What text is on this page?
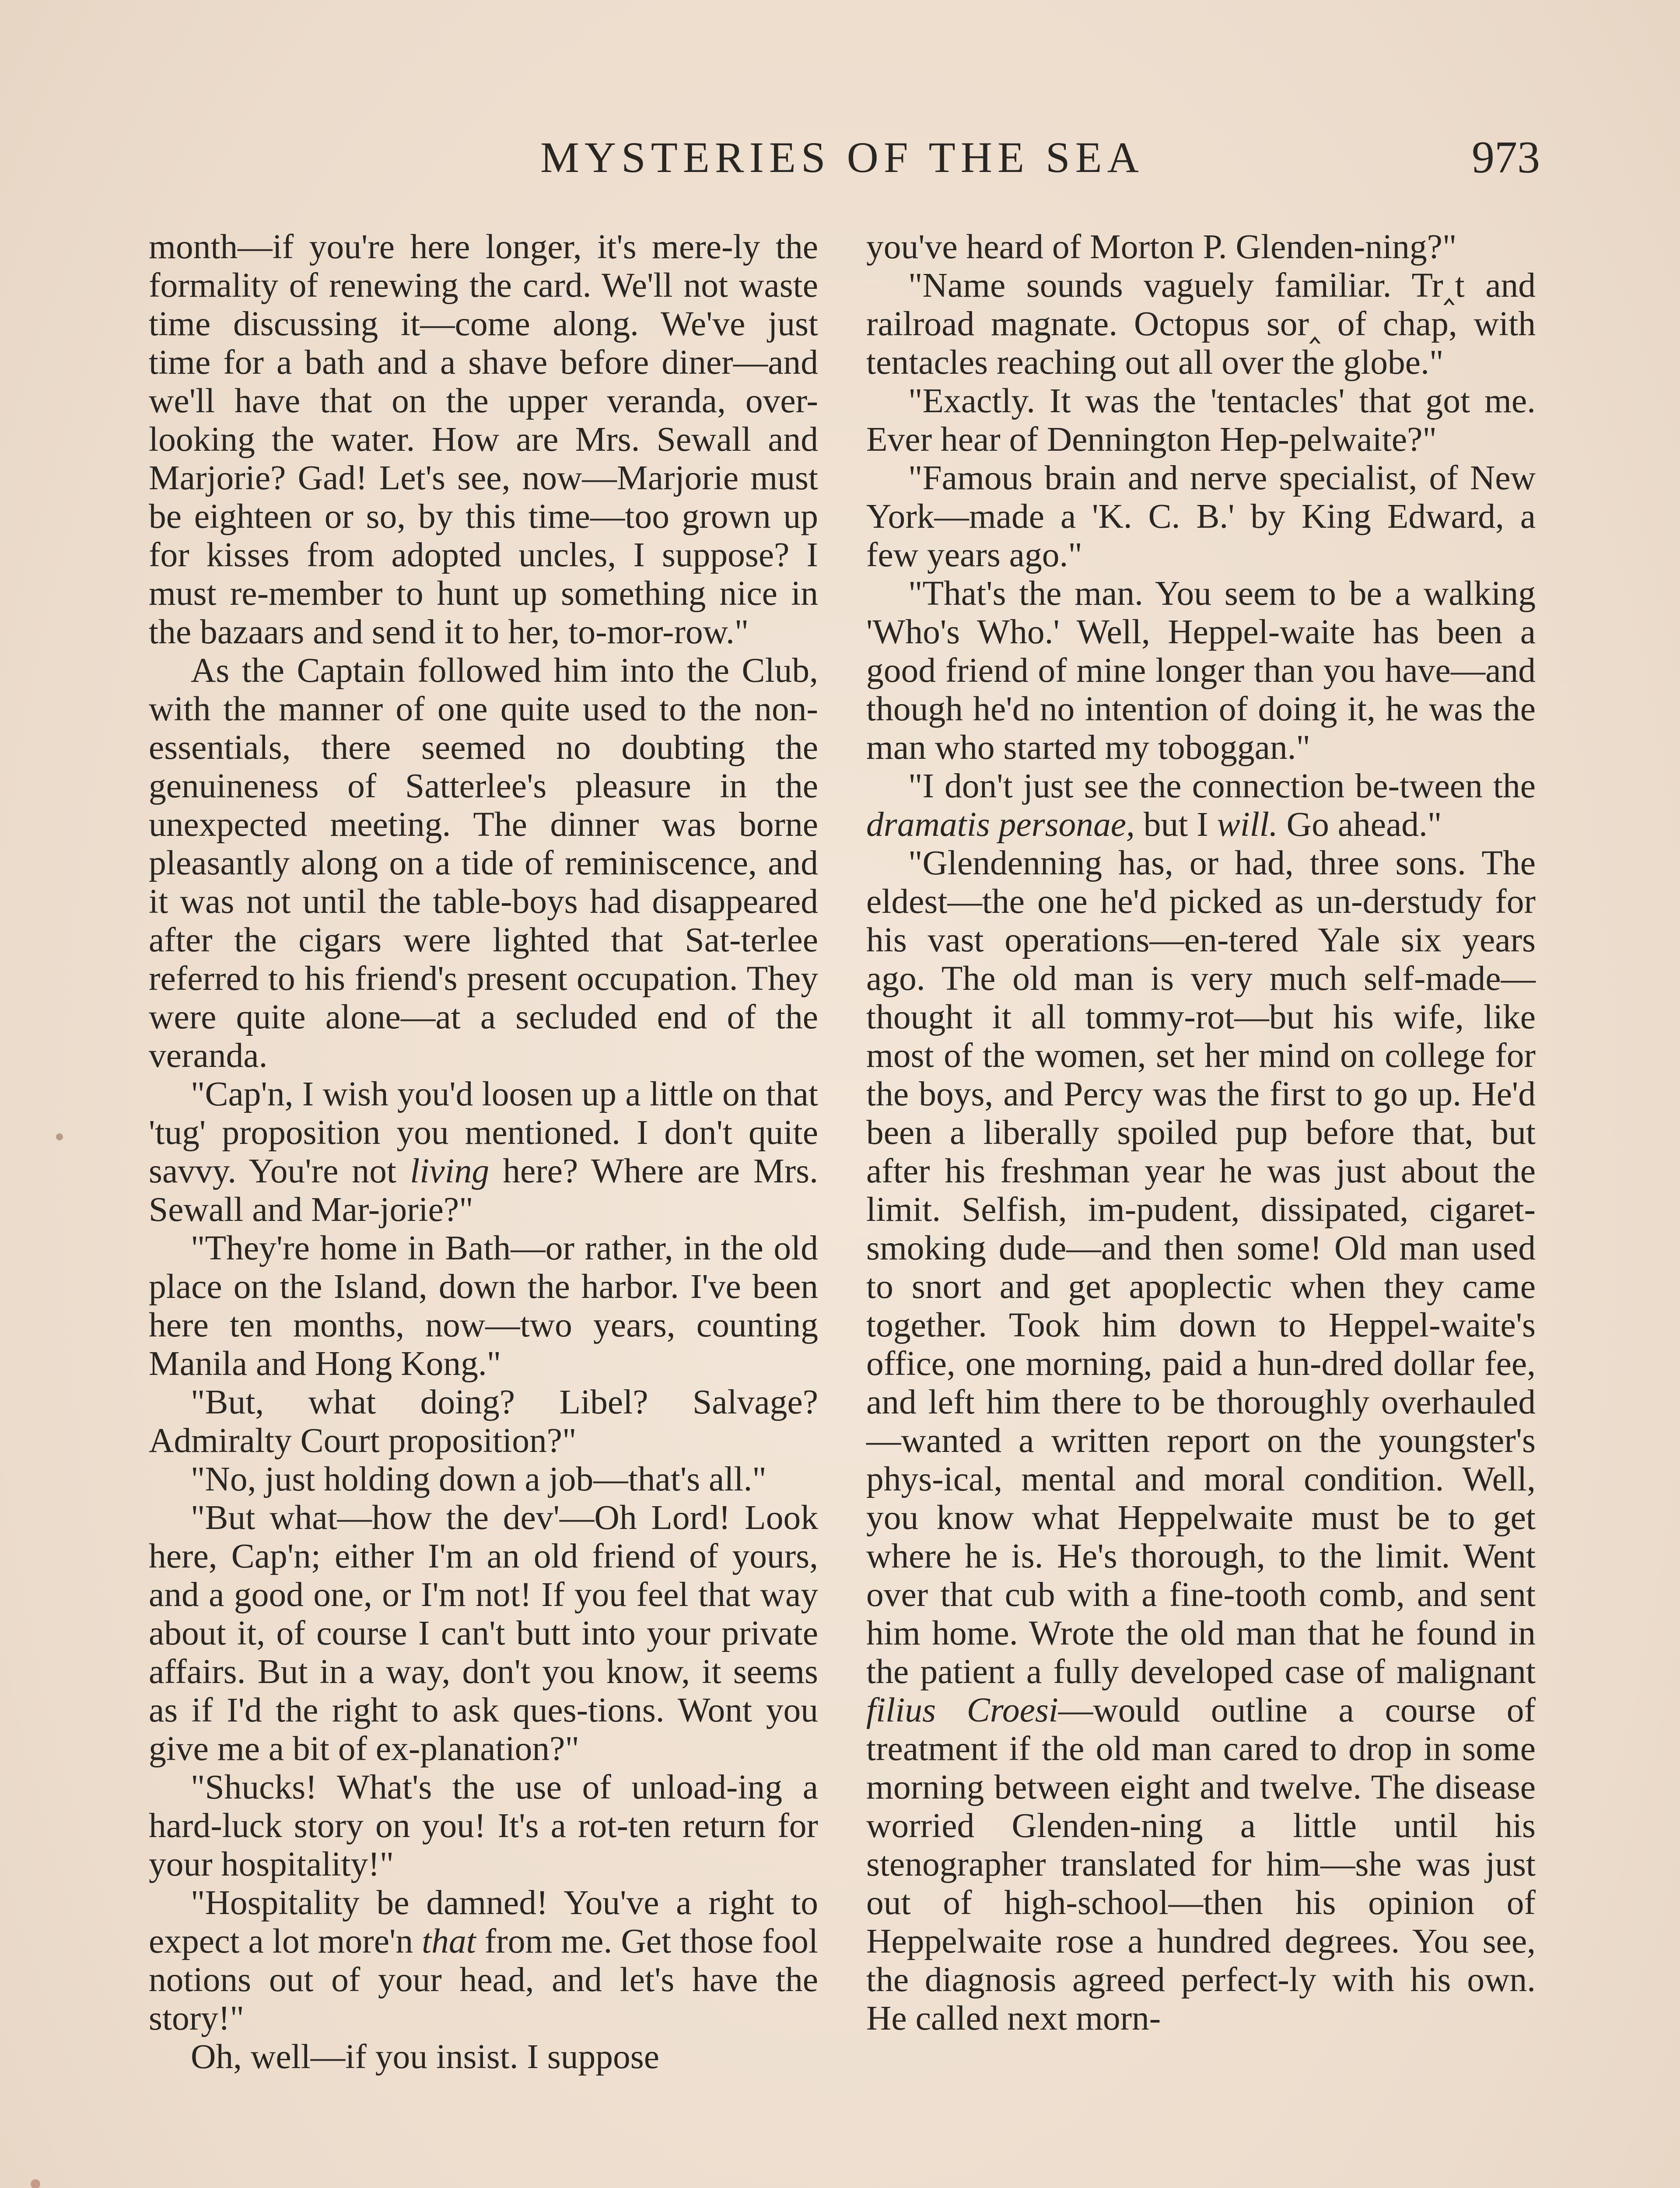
MYSTERIES OF THE SEA	973

month—if you're here longer, it's mere-ly the formality of renewing the card. We'll not waste time discussing it—come along. We've just time for a bath and a shave before diner—and we'll have that on the upper veranda, over-looking the water. How are Mrs. Sewall and Marjorie? Gad! Let's see, now—Marjorie must be eighteen or so, by this time—too grown up for kisses from adopted uncles, I suppose? I must re-member to hunt up something nice in the bazaars and send it to her, to-mor-row."

As the Captain followed him into the Club, with the manner of one quite used to the non-essentials, there seemed no doubting the genuineness of Satterlee's pleasure in the unexpected meeting. The dinner was borne pleasantly along on a tide of reminiscence, and it was not until the table-boys had disappeared after the cigars were lighted that Sat-terlee referred to his friend's present occupation. They were quite alone—at a secluded end of the veranda.

"Cap'n, I wish you'd loosen up a little on that 'tug' proposition you mentioned. I don't quite savvy. You're not living here? Where are Mrs. Sewall and Mar-jorie?"

"They're home in Bath—or rather, in the old place on the Island, down the harbor. I've been here ten months, now—two years, counting Manila and Hong Kong."

"But, what doing? Libel? Salvage? Admiralty Court proposition?"

"No, just holding down a job—that's all."

"But what—how the dev'—Oh Lord! Look here, Cap'n; either I'm an old friend of yours, and a good one, or I'm not! If you feel that way about it, of course I can't butt into your private affairs. But in a way, don't you know, it seems as if I'd the right to ask ques-tions. Wont you give me a bit of ex-planation?"

"Shucks! What's the use of unload-ing a hard-luck story on you! It's a rot-ten return for your hospitality!"

"Hospitality be damned! You've a right to expect a lot more'n that from me. Get those fool notions out of your head, and let's have the story!"

Oh, well—if you insist. I suppose

you've heard of Morton P. Glenden-ning?"

"Name sounds vaguely familiar. Tr⁠‸t and railroad magnate. Octopus sor⁠‸ of chap, with tentacles reaching out all over the globe."

"Exactly. It was the 'tentacles' that got me. Ever hear of Dennington Hep-pelwaite?"

"Famous brain and nerve specialist, of New York—made a 'K. C. B.' by King Edward, a few years ago."

"That's the man. You seem to be a walking 'Who's Who.' Well, Heppel-waite has been a good friend of mine longer than you have—and though he'd no intention of doing it, he was the man who started my toboggan."

"I don't just see the connection be-tween the dramatis personae, but I will. Go ahead."

"Glendenning has, or had, three sons. The eldest—the one he'd picked as un-derstudy for his vast operations—en-tered Yale six years ago. The old man is very much self-made—thought it all tommy-rot—but his wife, like most of the women, set her mind on college for the boys, and Percy was the first to go up. He'd been a liberally spoiled pup before that, but after his freshman year he was just about the limit. Selfish, im-pudent, dissipated, cigaret-smoking dude—and then some! Old man used to snort and get apoplectic when they came together. Took him down to Heppel-waite's office, one morning, paid a hun-dred dollar fee, and left him there to be thoroughly overhauled—wanted a written report on the youngster's phys-ical, mental and moral condition. Well, you know what Heppelwaite must be to get where he is. He's thorough, to the limit. Went over that cub with a fine-tooth comb, and sent him home. Wrote the old man that he found in the patient a fully developed case of malignant filius Croesi—would outline a course of treatment if the old man cared to drop in some morning between eight and twelve. The disease worried Glenden-ning a little until his stenographer translated for him—she was just out of high-school—then his opinion of Heppelwaite rose a hundred degrees. You see, the diagnosis agreed perfect-ly with his own. He called next morn-
